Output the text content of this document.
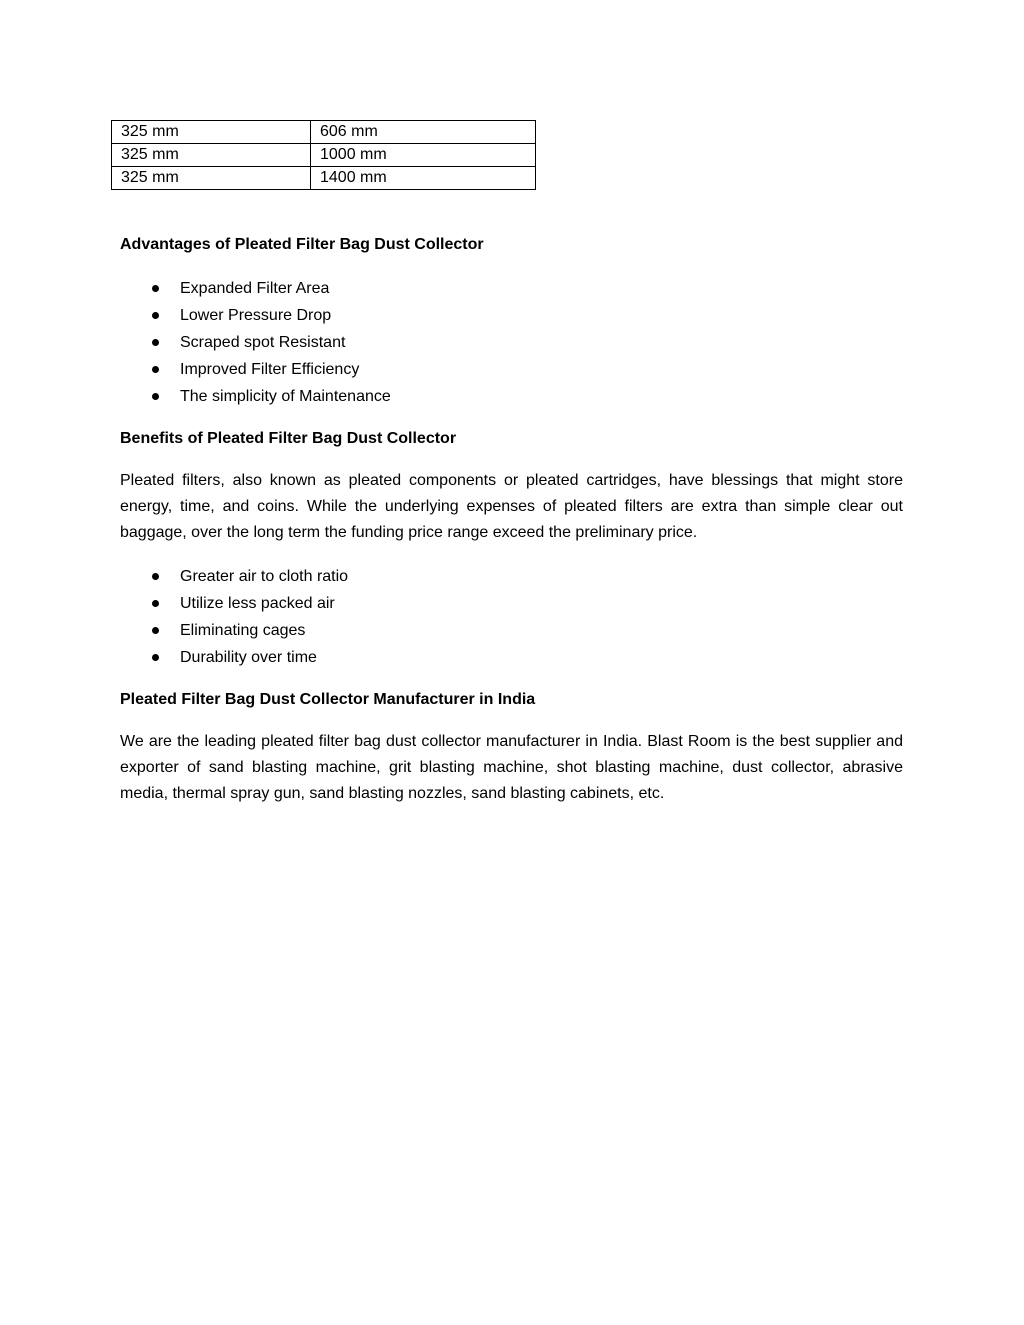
325 mm	606 mm
325 mm	1000 mm
325 mm	1400 mm
Advantages of Pleated Filter Bag Dust Collector
Expanded Filter Area
Lower Pressure Drop
Scraped spot Resistant
Improved Filter Efficiency
The simplicity of Maintenance
Benefits of Pleated Filter Bag Dust Collector

Pleated filters, also known as pleated components or pleated cartridges, have blessings that might store energy, time, and coins. While the underlying expenses of pleated filters are extra than simple clear out baggage, over the long term the funding price range exceed the preliminary price.

Greater air to cloth ratio
Utilize less packed air
Eliminating cages
Durability over time
Pleated Filter Bag Dust Collector Manufacturer in India

We are the leading pleated filter bag dust collector manufacturer in India. Blast Room is the best supplier and exporter of sand blasting machine, grit blasting machine, shot blasting machine, dust collector, abrasive media, thermal spray gun, sand blasting nozzles, sand blasting cabinets, etc.
